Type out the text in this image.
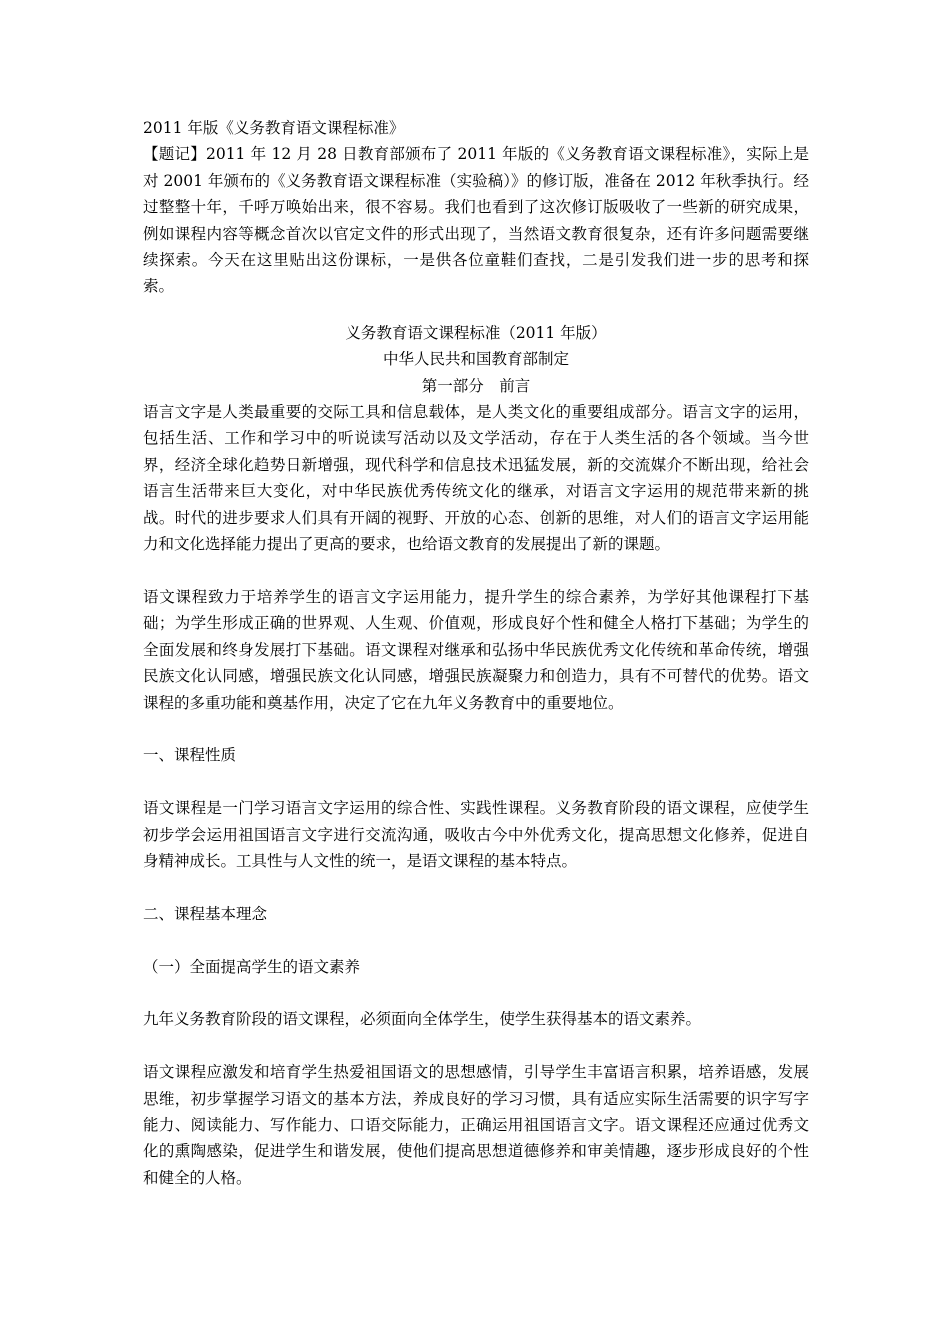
2011 年版《义务教育语文课程标准》

【题记】2011 年 12 月 28 日教育部颁布了 2011 年版的《义务教育语文课程标准》，实际上是对 2001 年颁布的《义务教育语文课程标准（实验稿）》的修订版，准备在 2012 年秋季执行。经过整整十年，千呼万唤始出来，很不容易。我们也看到了这次修订版吸收了一些新的研究成果，例如课程内容等概念首次以官定文件的形式出现了，当然语文教育很复杂，还有许多问题需要继续探索。今天在这里贴出这份课标，一是供各位童鞋们查找，二是引发我们进一步的思考和探索。

义务教育语文课程标准（2011 年版）

中华人民共和国教育部制定

第一部分　前言

语言文字是人类最重要的交际工具和信息载体，是人类文化的重要组成部分。语言文字的运用，包括生活、工作和学习中的听说读写活动以及文学活动，存在于人类生活的各个领域。当今世界，经济全球化趋势日新增强，现代科学和信息技术迅猛发展，新的交流媒介不断出现，给社会语言生活带来巨大变化，对中华民族优秀传统文化的继承，对语言文字运用的规范带来新的挑战。时代的进步要求人们具有开阔的视野、开放的心态、创新的思维，对人们的语言文字运用能力和文化选择能力提出了更高的要求，也给语文教育的发展提出了新的课题。

语文课程致力于培养学生的语言文字运用能力，提升学生的综合素养，为学好其他课程打下基础；为学生形成正确的世界观、人生观、价值观，形成良好个性和健全人格打下基础；为学生的全面发展和终身发展打下基础。语文课程对继承和弘扬中华民族优秀文化传统和革命传统，增强民族文化认同感，增强民族文化认同感，增强民族凝聚力和创造力，具有不可替代的优势。语文课程的多重功能和奠基作用，决定了它在九年义务教育中的重要地位。

一、课程性质

语文课程是一门学习语言文字运用的综合性、实践性课程。义务教育阶段的语文课程，应使学生初步学会运用祖国语言文字进行交流沟通，吸收古今中外优秀文化，提高思想文化修养，促进自身精神成长。工具性与人文性的统一，是语文课程的基本特点。

二、课程基本理念

（一）全面提高学生的语文素养

九年义务教育阶段的语文课程，必须面向全体学生，使学生获得基本的语文素养。

语文课程应激发和培育学生热爱祖国语文的思想感情，引导学生丰富语言积累，培养语感，发展思维，初步掌握学习语文的基本方法，养成良好的学习习惯，具有适应实际生活需要的识字写字能力、阅读能力、写作能力、口语交际能力，正确运用祖国语言文字。语文课程还应通过优秀文化的熏陶感染，促进学生和谐发展，使他们提高思想道德修养和审美情趣，逐步形成良好的个性和健全的人格。
